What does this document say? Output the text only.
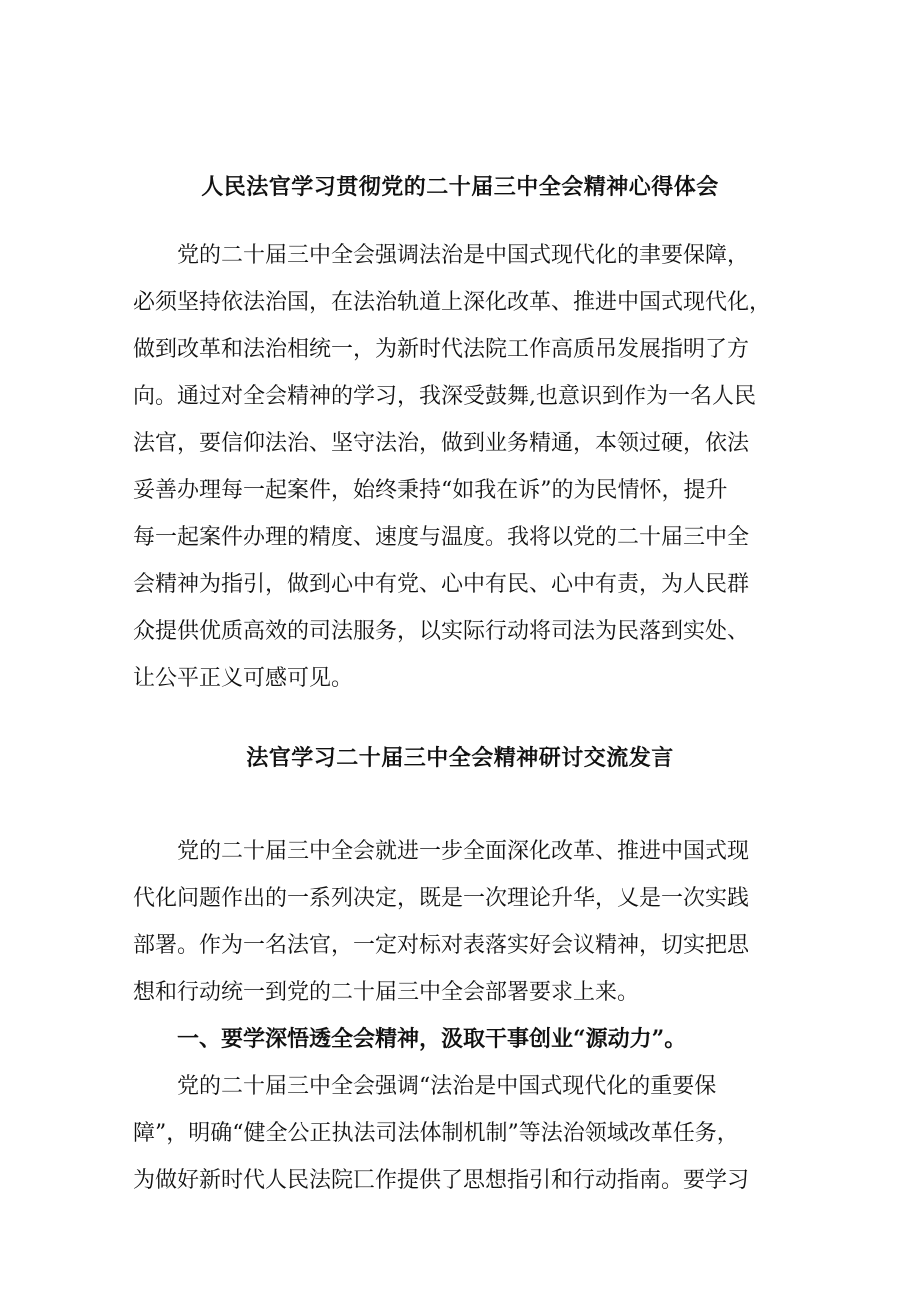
人民法官学习贯彻党的二十届三中全会精神心得体会
党的二十届三中全会强调法治是中国式现代化的聿要保障，
必须坚持依法治国，在法治轨道上深化改革、推进中国式现代化，
做到改革和法治相统一，为新时代法院工作高质吊发展指明了方
向。通过对全会精神的学习，我深受鼓舞,也意识到作为一名人民
法官，要信仰法治、坚守法治，做到业务精通，本领过硬，依法
妥善办理每一起案件，始终秉持“如我在诉”的为民情怀，提升
每一起案件办理的精度、速度与温度。我将以党的二十届三中全
会精神为指引，做到心中有党、心中有民、心中有责，为人民群
众提供优质高效的司法服务，以实际行动将司法为民落到实处、
让公平正义可感可见。
法官学习二十届三中全会精神研讨交流发言
党的二十届三中全会就进一步全面深化改革、推进中国式现
代化问题作出的一系列决定，既是一次理论升华，乂是一次实践
部署。作为一名法官，一定对标对表落实好会议精神，切实把思
想和行动统一到党的二十届三中全会部署要求上来。
一、要学深悟透全会精神，汲取干事创业“源动力”。
党的二十届三中全会强调“法治是中国式现代化的重要保
障”，明确“健全公正执法司法体制机制”等法治领域改革任务，
为做好新时代人民法院匸作提供了思想指引和行动指南。要学习
